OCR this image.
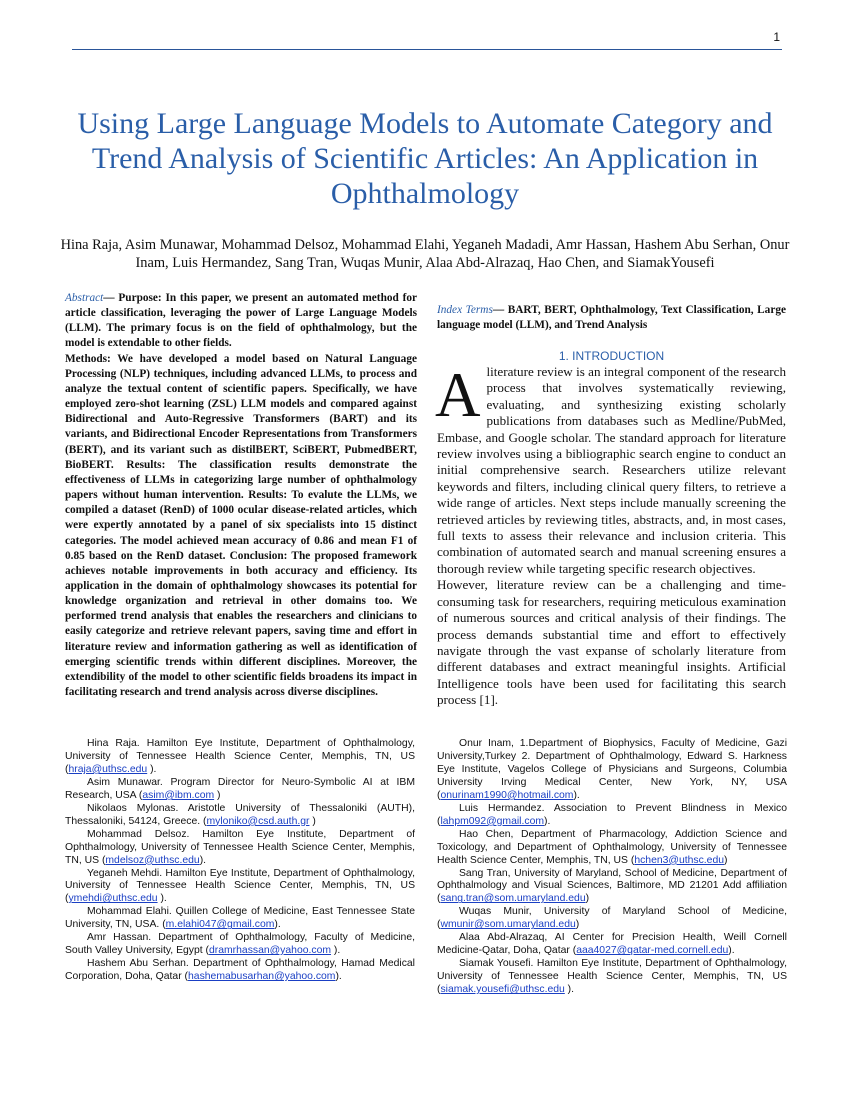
1
Using Large Language Models to Automate Category and Trend Analysis of Scientific Articles: An Application in Ophthalmology

Hina Raja, Asim Munawar, Mohammad Delsoz, Mohammad Elahi, Yeganeh Madadi, Amr Hassan, Hashem Abu Serhan, Onur Inam, Luis Hermandez, Sang Tran, Wuqas Munir, Alaa Abd-Alrazaq, Hao Chen, and SiamakYousefi

Abstract— Purpose: In this paper, we present an automated method for article classification, leveraging the power of Large Language Models (LLM). The primary focus is on the field of ophthalmology, but the model is extendable to other fields.

Methods: We have developed a model based on Natural Language Processing (NLP) techniques, including advanced LLMs, to process and analyze the textual content of scientific papers. Specifically, we have employed zero-shot learning (ZSL) LLM models and compared against Bidirectional and Auto-Regressive Transformers (BART) and its variants, and Bidirectional Encoder Representations from Transformers (BERT), and its variant such as distilBERT, SciBERT, PubmedBERT, BioBERT. Results: The classification results demonstrate the effectiveness of LLMs in categorizing large number of ophthalmology papers without human intervention. Results: To evalute the LLMs, we compiled a dataset (RenD) of 1000 ocular disease-related articles, which were expertly annotated by a panel of six specialists into 15 distinct categories. The model achieved mean accuracy of 0.86 and mean F1 of 0.85 based on the RenD dataset. Conclusion: The proposed framework achieves notable improvements in both accuracy and efficiency. Its application in the domain of ophthalmology showcases its potential for knowledge organization and retrieval in other domains too. We performed trend analysis that enables the researchers and clinicians to easily categorize and retrieve relevant papers, saving time and effort in literature review and information gathering as well as identification of emerging scientific trends within different disciplines. Moreover, the extendibility of the model to other scientific fields broadens its impact in facilitating research and trend analysis across diverse disciplines.

Index Terms— BART, BERT, Ophthalmology, Text Classification, Large language model (LLM), and Trend Analysis

1. INTRODUCTION

Aliterature review is an integral component of the research process that involves systematically reviewing, evaluating, and synthesizing existing scholarly publications from databases such as Medline/PubMed, Embase, and Google scholar. The standard approach for literature review involves using a bibliographic search engine to conduct an initial comprehensive search. Researchers utilize relevant keywords and filters, including clinical query filters, to retrieve a wide range of articles. Next steps include manually screening the retrieved articles by reviewing titles, abstracts, and, in most cases, full texts to assess their relevance and inclusion criteria. This combination of automated search and manual screening ensures a thorough review while targeting specific research objectives.

However, literature review can be a challenging and time-consuming task for researchers, requiring meticulous examination of numerous sources and critical analysis of their findings. The process demands substantial time and effort to effectively navigate through the vast expanse of scholarly literature from different databases and extract meaningful insights. Artificial Intelligence tools have been used for facilitating this search process [1].

Hina Raja. Hamilton Eye Institute, Department of Ophthalmology, University of Tennessee Health Science Center, Memphis, TN, US (hraja@uthsc.edu ).

Asim Munawar. Program Director for Neuro-Symbolic AI at IBM Research, USA (asim@ibm.com )

Nikolaos Mylonas. Aristotle University of Thessaloniki (AUTH), Thessaloniki, 54124, Greece. (myloniko@csd.auth.gr )

Mohammad Delsoz. Hamilton Eye Institute, Department of Ophthalmology, University of Tennessee Health Science Center, Memphis, TN, US (mdelsoz@uthsc.edu).

Yeganeh Mehdi. Hamilton Eye Institute, Department of Ophthalmology, University of Tennessee Health Science Center, Memphis, TN, US (ymehdi@uthsc.edu ).

Mohammad Elahi. Quillen College of Medicine, East Tennessee State University, TN, USA. (m.elahi047@gmail.com).

Amr Hassan. Department of Ophthalmology, Faculty of Medicine, South Valley University, Egypt (dramrhassan@yahoo.com ).

Hashem Abu Serhan. Department of Ophthalmology, Hamad Medical Corporation, Doha, Qatar (hashemabusarhan@yahoo.com).

Onur Inam, 1.Department of Biophysics, Faculty of Medicine, Gazi University,Turkey 2. Department of Ophthalmology, Edward S. Harkness Eye Institute, Vagelos College of Physicians and Surgeons, Columbia University Irving Medical Center, New York, NY, USA (onurinam1990@hotmail.com).

Luis Hermandez. Association to Prevent Blindness in Mexico (lahpm092@gmail.com).

Hao Chen, Department of Pharmacology, Addiction Science and Toxicology, and Department of Ophthalmology, University of Tennessee Health Science Center, Memphis, TN, US (hchen3@uthsc.edu)

Sang Tran, University of Maryland, School of Medicine, Department of Ophthalmology and Visual Sciences, Baltimore, MD 21201 Add affiliation (sang.tran@som.umaryland.edu)

Wuqas Munir, University of Maryland School of Medicine, (wmunir@som.umaryland.edu)

Alaa Abd-Alrazaq, AI Center for Precision Health, Weill Cornell Medicine-Qatar, Doha, Qatar (aaa4027@qatar-med.cornell.edu).

Siamak Yousefi. Hamilton Eye Institute, Department of Ophthalmology, University of Tennessee Health Science Center, Memphis, TN, US (siamak.yousefi@uthsc.edu ).
